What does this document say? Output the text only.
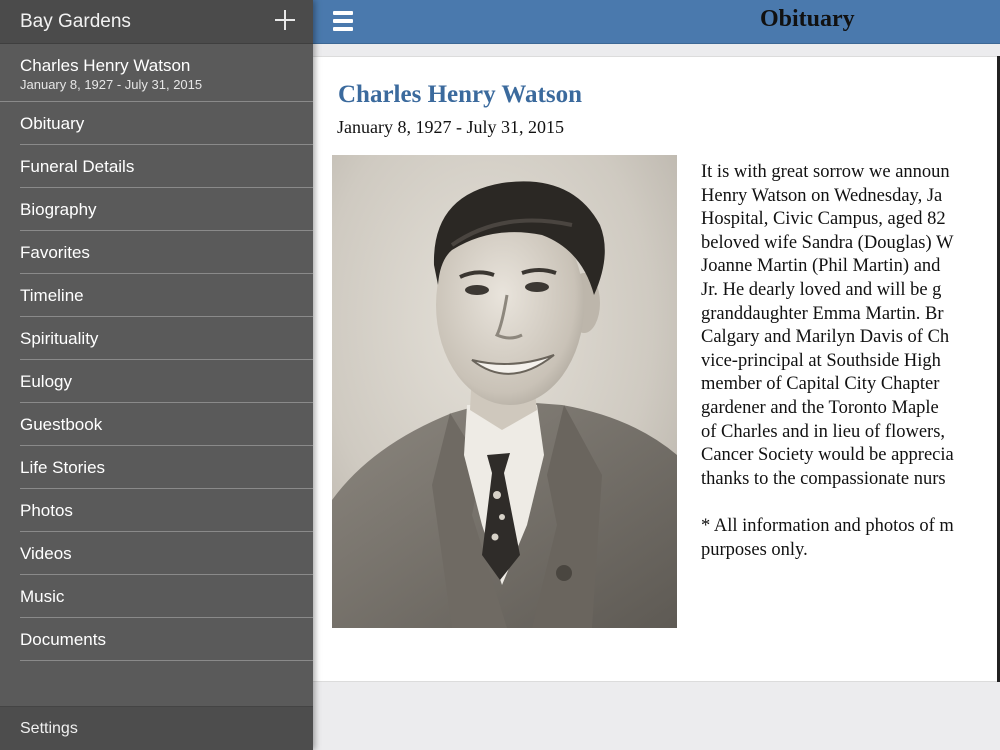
Bay Gardens
Charles Henry Watson
January 8, 1927 - July 31, 2015
Obituary
Funeral Details
Biography
Favorites
Timeline
Spirituality
Eulogy
Guestbook
Life Stories
Photos
Videos
Music
Documents
Settings
Obituary
Charles Henry Watson
January 8, 1927 - July 31, 2015
It is with great sorrow we announ
Henry Watson on Wednesday, Ja
Hospital, Civic Campus, aged 82
beloved wife Sandra (Douglas) W
Joanne Martin (Phil Martin) and
Jr. He dearly loved and will be g
granddaughter Emma Martin. Br
Calgary and Marilyn Davis of Ch
vice-principal at Southside High
member of Capital City Chapter
gardener and the Toronto Maple
of Charles and in lieu of flowers,
Cancer Society would be apprecia
thanks to the compassionate nurs
* All information and photos of m
purposes only.
